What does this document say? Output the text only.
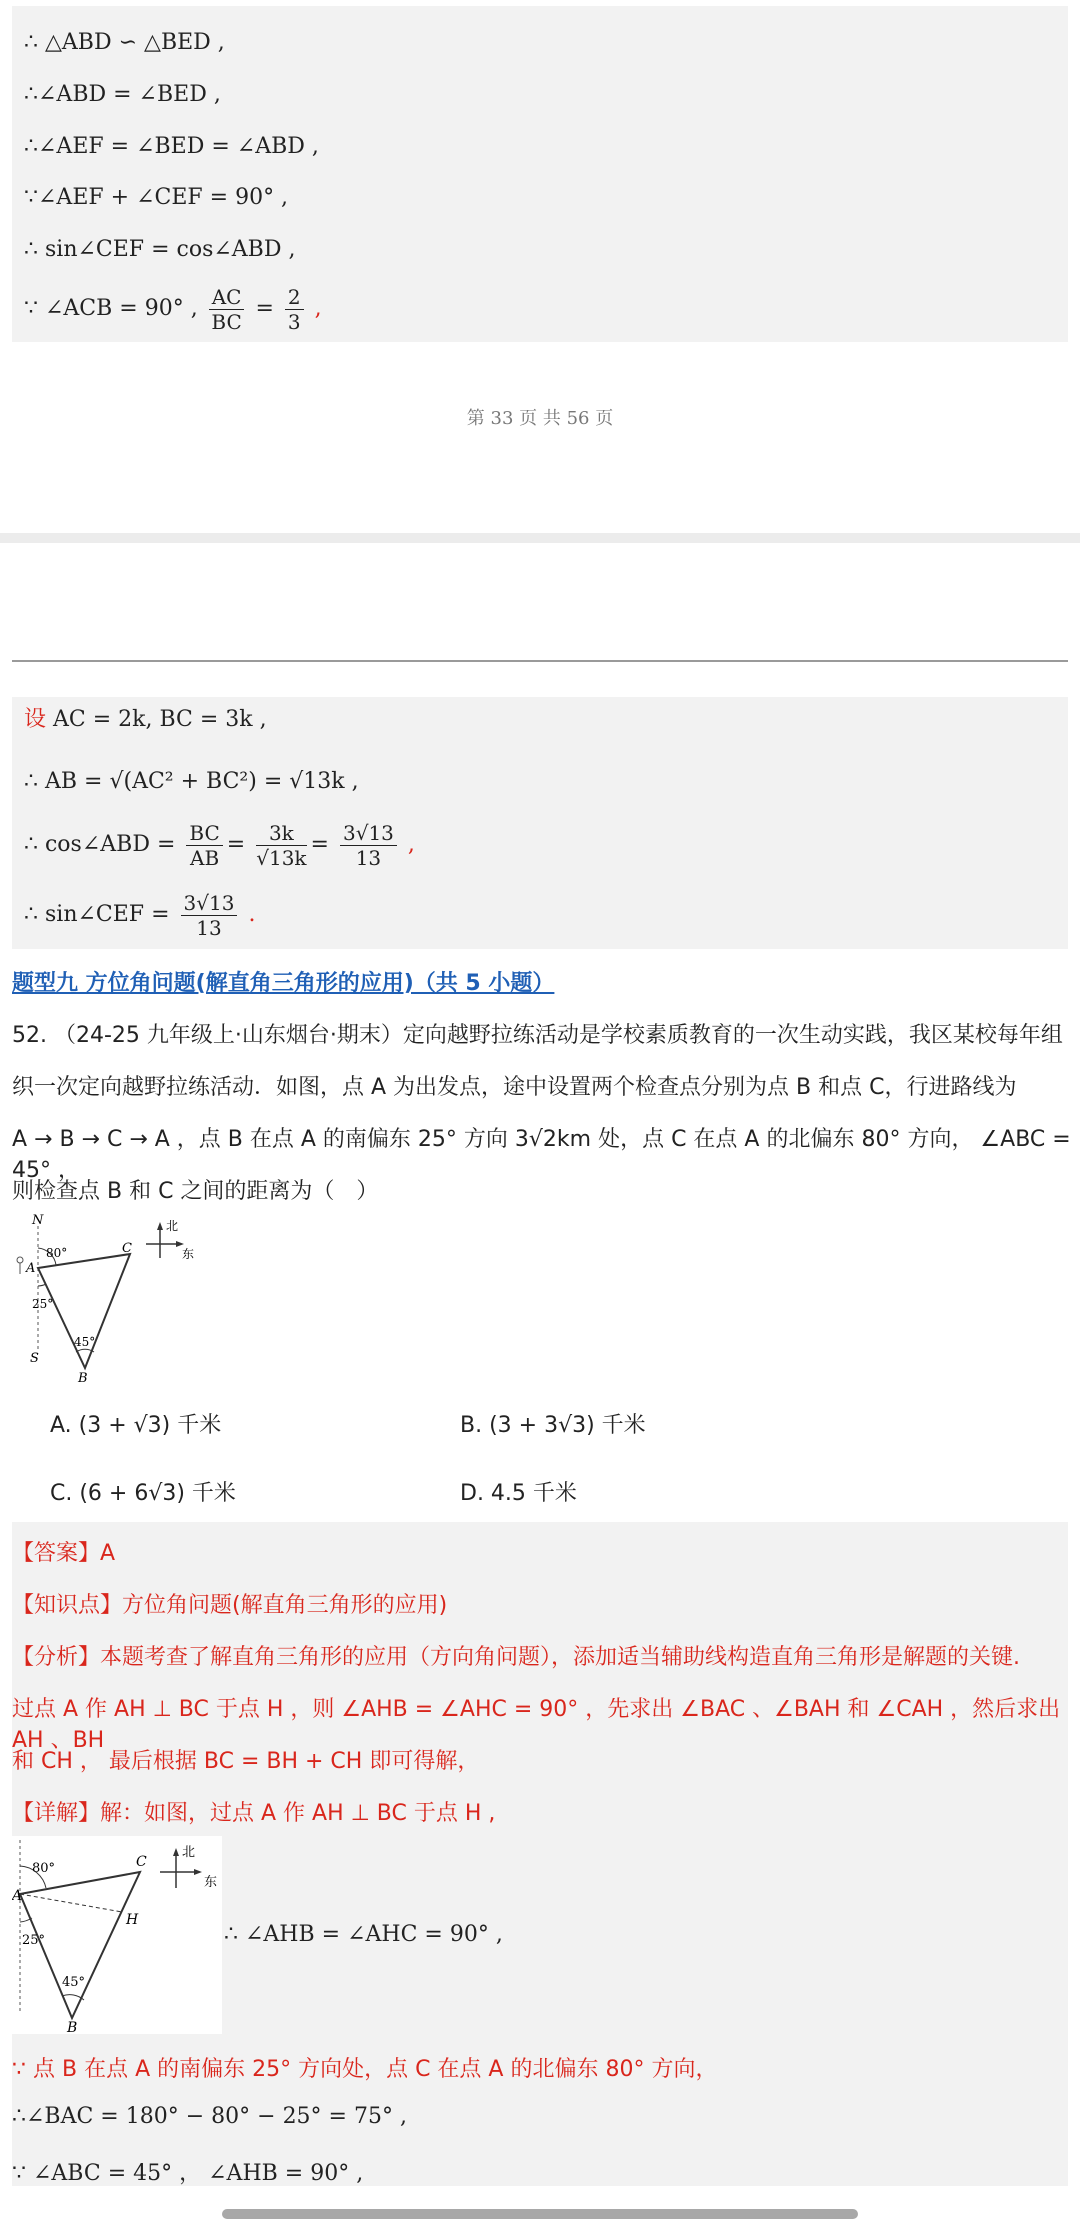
∴ △ABD ∽ △BED ,
∴∠ABD = ∠BED ,
∴∠AEF = ∠BED = ∠ABD ,
∵∠AEF + ∠CEF = 90° ,
∴ sin∠CEF = cos∠ABD ,
∵ ∠ACB = 90° , $\frac{AC}{BC} = \frac{2}{3}$ ,
第 33 页 共 56 页
设 AC = 2k, BC = 3k ,
∴ AB = √(AC² + BC²) = √13k ,
∴ cos∠ABD = $\frac{BC}{AB} = \frac{3k}{√13k} = \frac{3√13}{13}$ ,
∴ sin∠CEF = $\frac{3√13}{13}$ .
题型九 方位角问题(解直角三角形的应用)（共 5 小题）
52. （24-25 九年级上·山东烟台·期末）定向越野拉练活动是学校素质教育的一次生动实践，我区某校每年组
织一次定向越野拉练活动．如图，点 A 为出发点，途中设置两个检查点分别为点 B 和点 C，行进路线为
A → B → C → A ，点 B 在点 A 的南偏东 25° 方向 3√2km 处，点 C 在点 A 的北偏东 80° 方向， ∠ABC = 45° ，
则检查点 B 和 C 之间的距离为（　）
N
S
A
B
C
80°
25°
45°
北
东
A. (3 + √3) 千米	B. (3 + 3√3) 千米
C. (6 + 6√3) 千米	D. 4.5 千米
【答案】A
【知识点】方位角问题(解直角三角形的应用)
【分析】本题考查了解直角三角形的应用（方向角问题），添加适当辅助线构造直角三角形是解题的关键.
过点 A 作 AH ⊥ BC 于点 H ，则 ∠AHB = ∠AHC = 90° ，先求出 ∠BAC 、∠BAH 和 ∠CAH ，然后求出 AH 、BH
和 CH ， 最后根据 BC = BH + CH 即可得解，
【详解】解：如图，过点 A 作 AH ⊥ BC 于点 H ,
A
B
C
H
80°
25°
45°
北
东
∴ ∠AHB = ∠AHC = 90° ,
∵ 点 B 在点 A 的南偏东 25° 方向处，点 C 在点 A 的北偏东 80° 方向，
∴∠BAC = 180° − 80° − 25° = 75° ,
∵ ∠ABC = 45° ， ∠AHB = 90° ,
